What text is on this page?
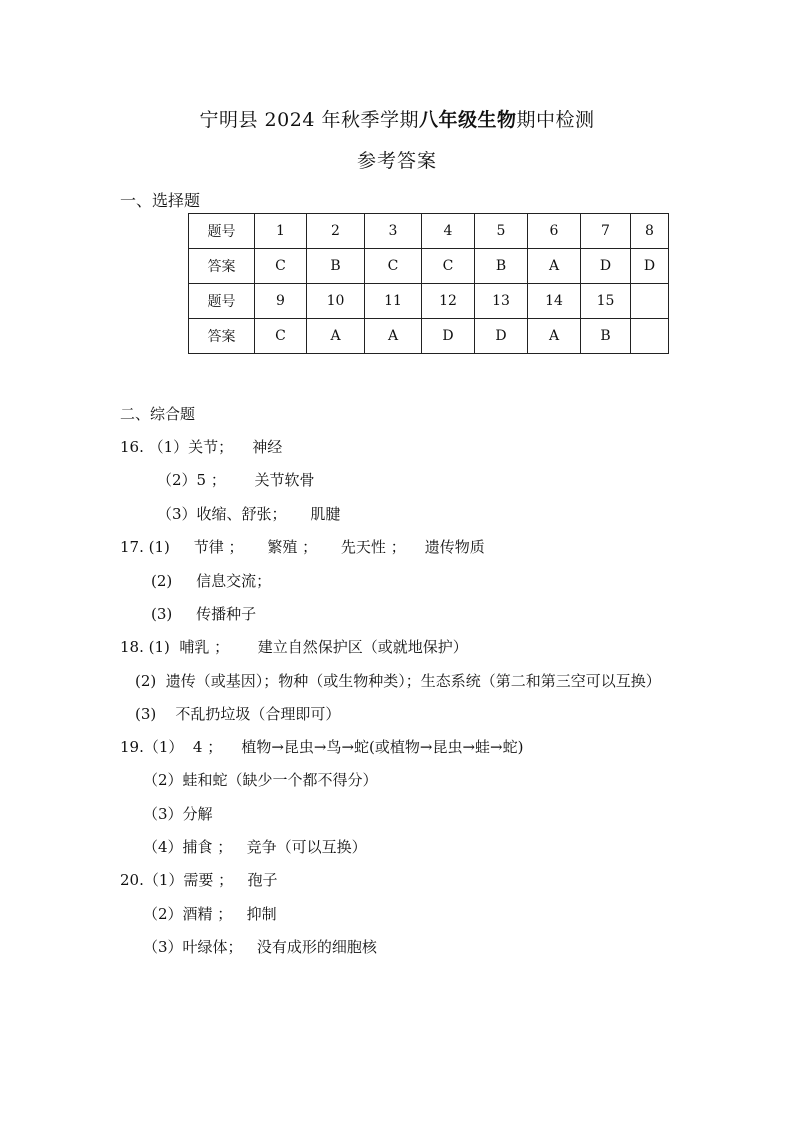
宁明县 2024 年秋季学期八年级生物期中检测
参考答案
一、选择题
题号	1	2	3	4	5	6	7	8
答案	C	B	C	C	B	A	D	D
题号	9	10	11	12	13	14	15	
答案	C	A	A	D	D	A	B	
二、综合题
16. （1）关节；    神经
（2）5 ；      关节软骨
（3）收缩、舒张；     肌腱
17. (1)     节律 ；     繁殖 ；     先天性 ；    遗传物质
(2)     信息交流；
(3)     传播种子
18. (1)  哺乳 ；      建立自然保护区（或就地保护）
(2)  遗传（或基因）；物种（或生物种类）；生态系统（第二和第三空可以互换）
(3)    不乱扔垃圾（合理即可）
19.（1）  4 ；    植物→昆虫→鸟→蛇(或植物→昆虫→蛙→蛇)
（2）蛙和蛇（缺少一个都不得分）
（3）分解
（4）捕食 ；   竞争（可以互换）
20.（1）需要 ；   孢子
（2）酒精 ；   抑制
（3）叶绿体；   没有成形的细胞核
